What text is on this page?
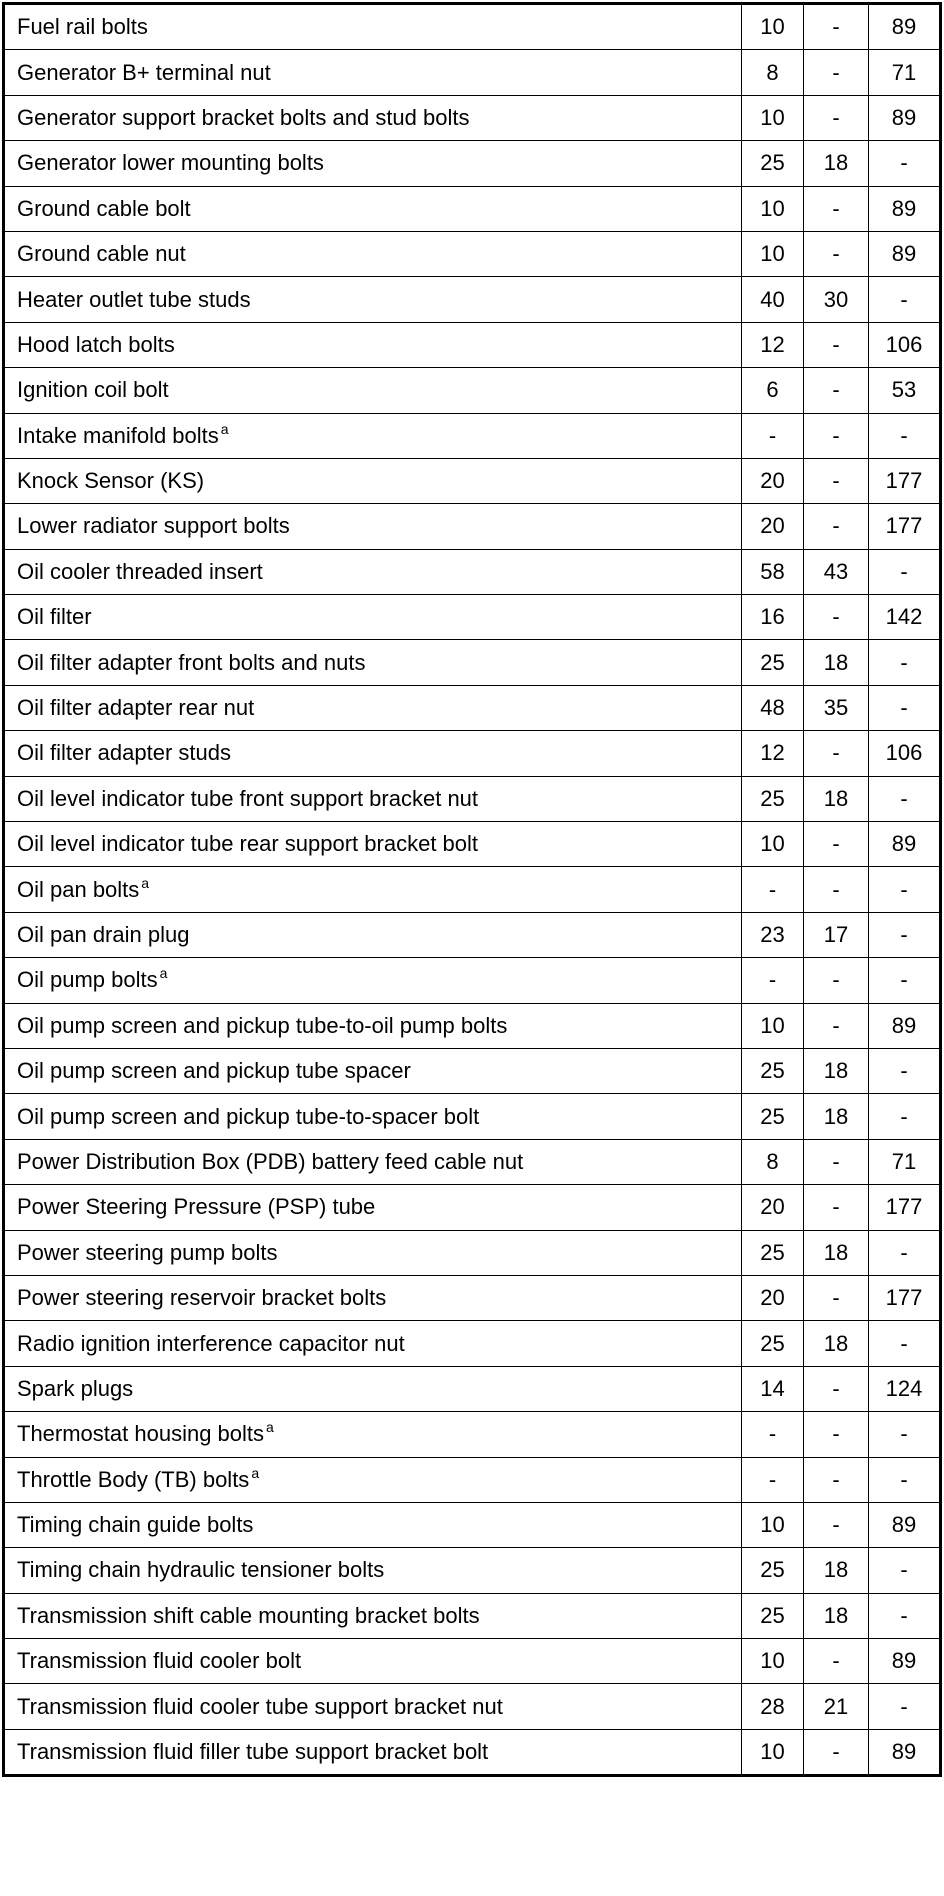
Fuel rail bolts	10	-	89
Generator B+ terminal nut	8	-	71
Generator support bracket bolts and stud bolts	10	-	89
Generator lower mounting bolts	25	18	-
Ground cable bolt	10	-	89
Ground cable nut	10	-	89
Heater outlet tube studs	40	30	-
Hood latch bolts	12	-	106
Ignition coil bolt	6	-	53
Intake manifold bolts $^a$	-	-	-
Knock Sensor (KS)	20	-	177
Lower radiator support bolts	20	-	177
Oil cooler threaded insert	58	43	-
Oil filter	16	-	142
Oil filter adapter front bolts and nuts	25	18	-
Oil filter adapter rear nut	48	35	-
Oil filter adapter studs	12	-	106
Oil level indicator tube front support bracket nut	25	18	-
Oil level indicator tube rear support bracket bolt	10	-	89
Oil pan bolts $^a$	-	-	-
Oil pan drain plug	23	17	-
Oil pump bolts $^a$	-	-	-
Oil pump screen and pickup tube-to-oil pump bolts	10	-	89
Oil pump screen and pickup tube spacer	25	18	-
Oil pump screen and pickup tube-to-spacer bolt	25	18	-
Power Distribution Box (PDB) battery feed cable nut	8	-	71
Power Steering Pressure (PSP) tube	20	-	177
Power steering pump bolts	25	18	-
Power steering reservoir bracket bolts	20	-	177
Radio ignition interference capacitor nut	25	18	-
Spark plugs	14	-	124
Thermostat housing bolts $^a$	-	-	-
Throttle Body (TB) bolts $^a$	-	-	-
Timing chain guide bolts	10	-	89
Timing chain hydraulic tensioner bolts	25	18	-
Transmission shift cable mounting bracket bolts	25	18	-
Transmission fluid cooler bolt	10	-	89
Transmission fluid cooler tube support bracket nut	28	21	-
Transmission fluid filler tube support bracket bolt	10	-	89
